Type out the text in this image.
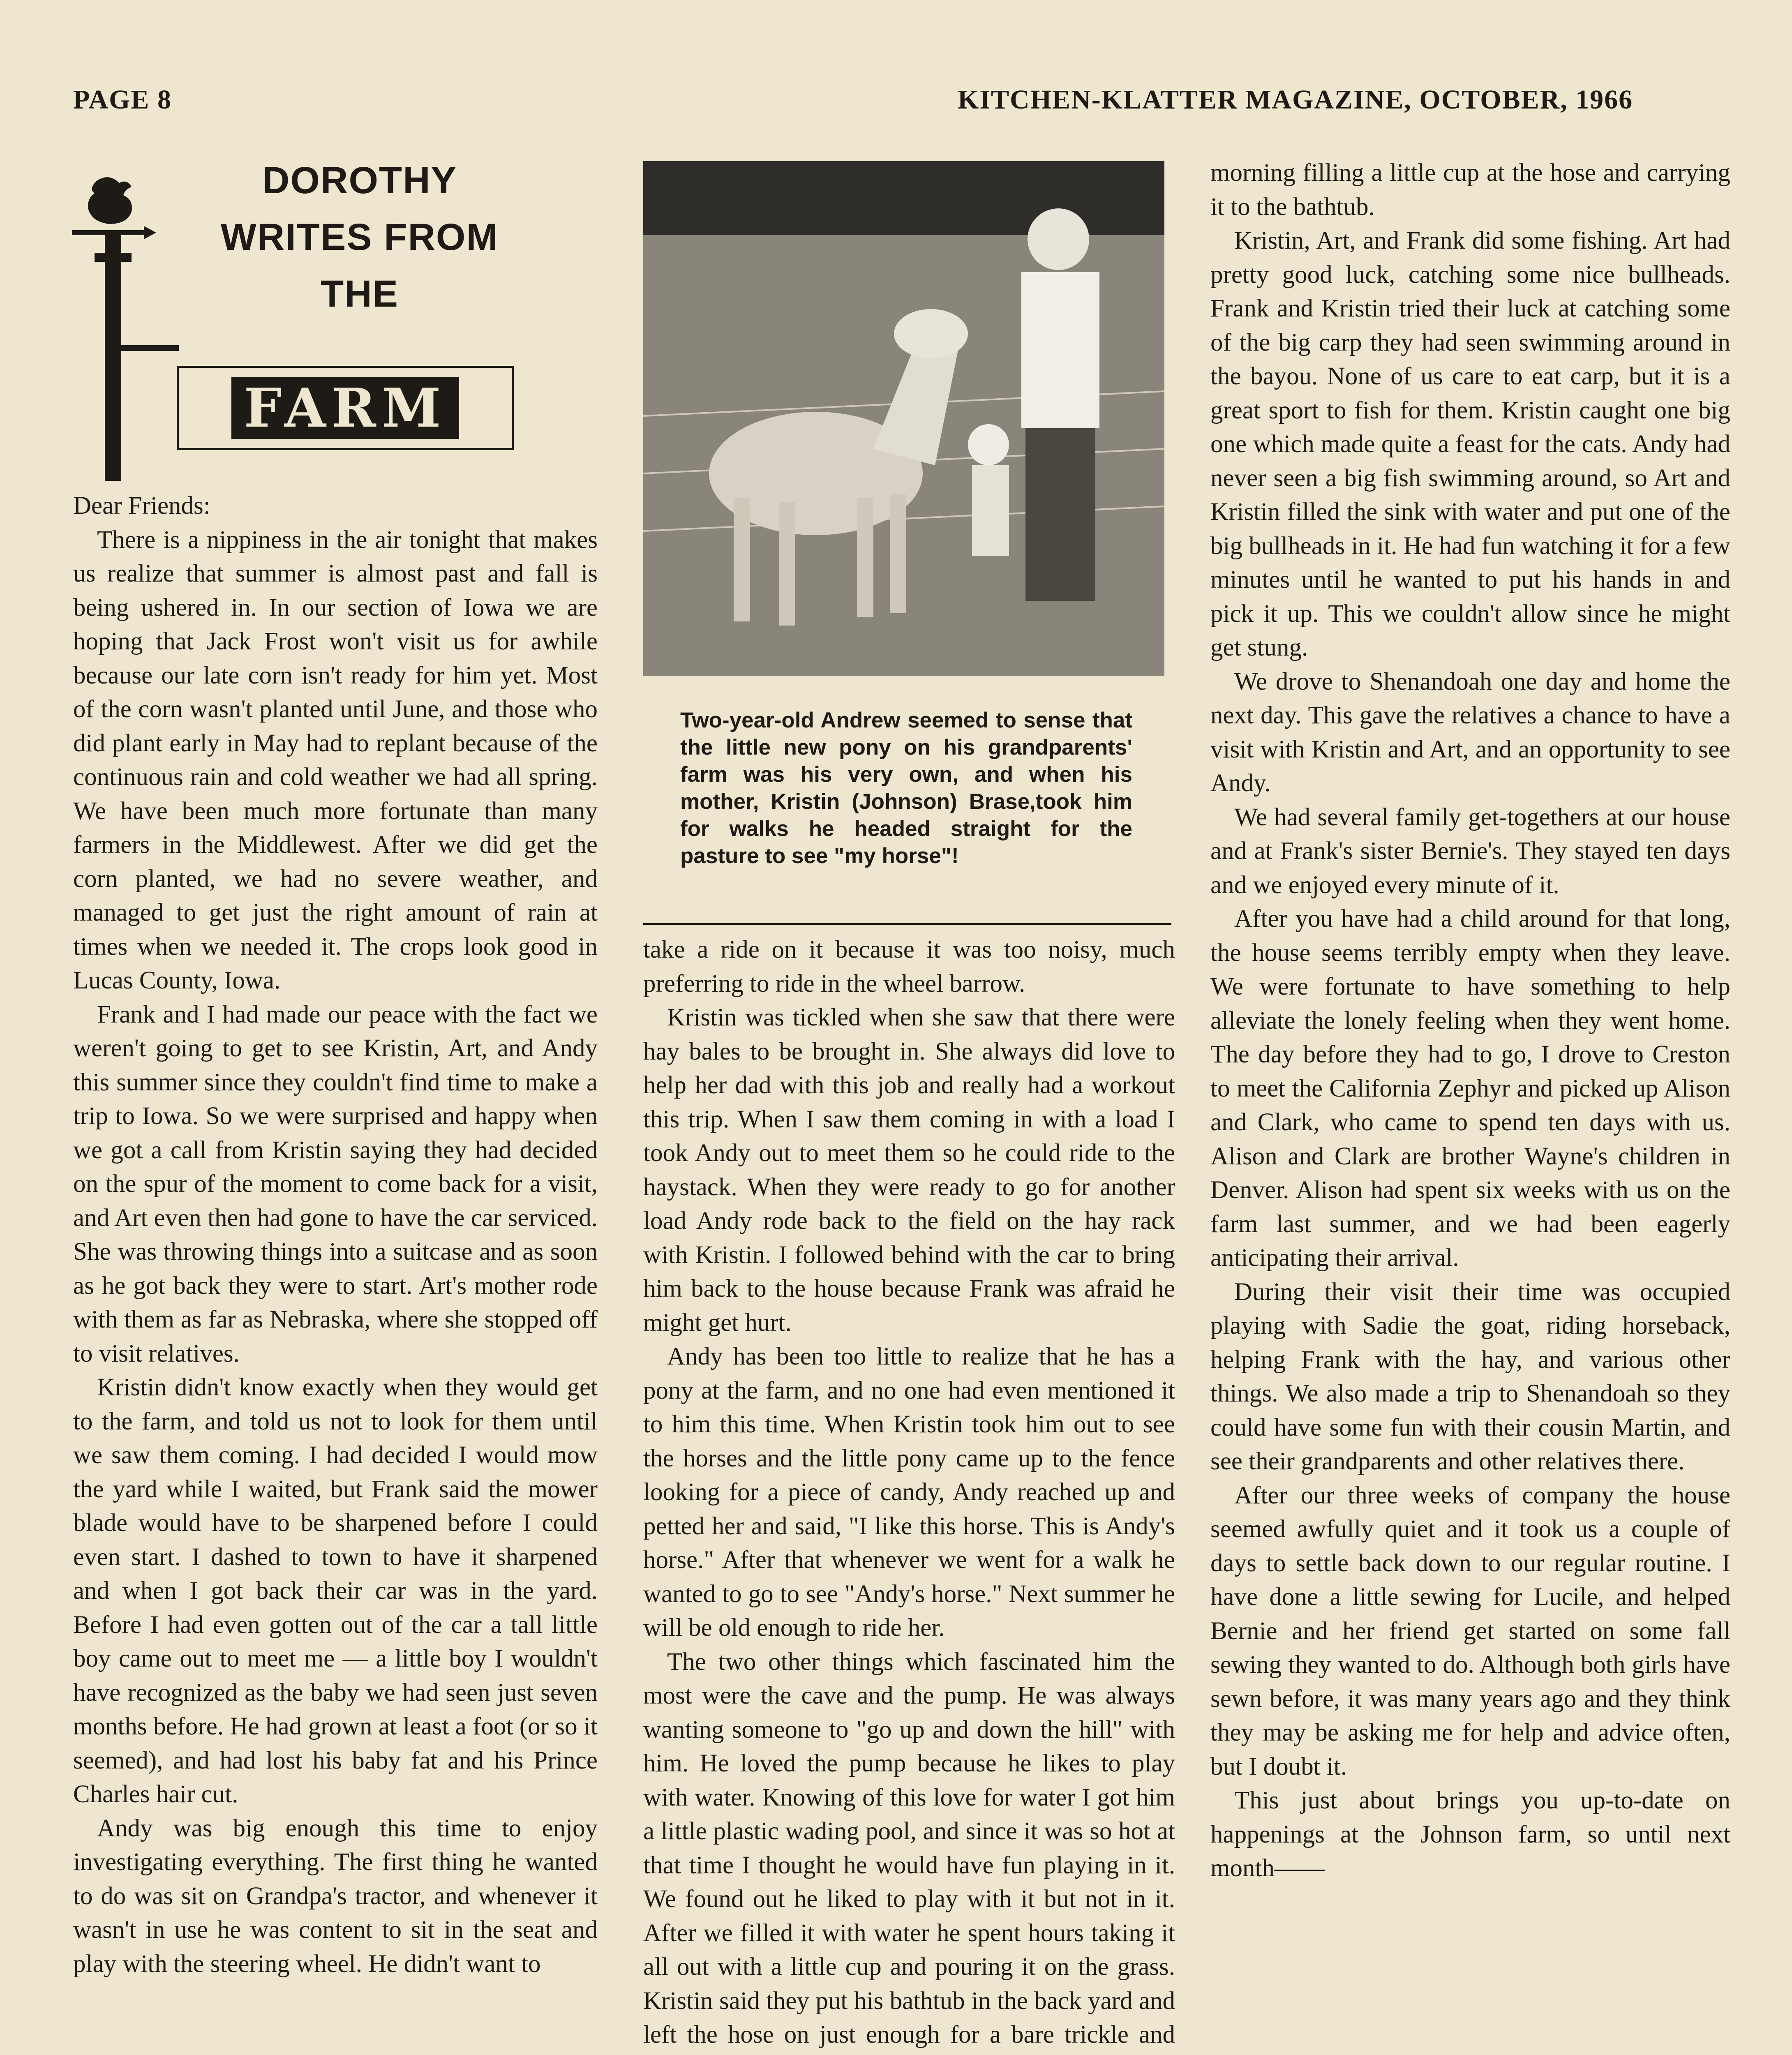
PAGE 8	KITCHEN-KLATTER MAGAZINE, OCTOBER, 1966
DOROTHY
WRITES FROM
THE
FARM
Two-year-old Andrew seemed to sense that the little new pony on his grandparents' farm was his very own, and when his mother, Kristin (Johnson) Brase,took him for walks he headed straight for the pasture to see "my horse"!

Dear Friends:

There is a nippiness in the air tonight that makes us realize that summer is almost past and fall is being ushered in. In our section of Iowa we are hoping that Jack Frost won't visit us for awhile because our late corn isn't ready for him yet. Most of the corn wasn't planted until June, and those who did plant early in May had to replant because of the continuous rain and cold weather we had all spring. We have been much more fortunate than many farmers in the Middlewest. After we did get the corn planted, we had no severe weather, and managed to get just the right amount of rain at times when we needed it. The crops look good in Lucas County, Iowa.

Frank and I had made our peace with the fact we weren't going to get to see Kristin, Art, and Andy this summer since they couldn't find time to make a trip to Iowa. So we were surprised and happy when we got a call from Kristin saying they had decided on the spur of the moment to come back for a visit, and Art even then had gone to have the car serviced. She was throwing things into a suitcase and as soon as he got back they were to start. Art's mother rode with them as far as Nebraska, where she stopped off to visit relatives.

Kristin didn't know exactly when they would get to the farm, and told us not to look for them until we saw them coming. I had decided I would mow the yard while I waited, but Frank said the mower blade would have to be sharpened before I could even start. I dashed to town to have it sharpened and when I got back their car was in the yard. Before I had even gotten out of the car a tall little boy came out to meet me — a little boy I wouldn't have recognized as the baby we had seen just seven months before. He had grown at least a foot (or so it seemed), and had lost his baby fat and his Prince Charles hair cut.

Andy was big enough this time to enjoy investigating everything. The first thing he wanted to do was sit on Grandpa's tractor, and whenever it wasn't in use he was content to sit in the seat and play with the steering wheel. He didn't want to

take a ride on it because it was too noisy, much preferring to ride in the wheel barrow.

Kristin was tickled when she saw that there were hay bales to be brought in. She always did love to help her dad with this job and really had a workout this trip. When I saw them coming in with a load I took Andy out to meet them so he could ride to the haystack. When they were ready to go for another load Andy rode back to the field on the hay rack with Kristin. I followed behind with the car to bring him back to the house because Frank was afraid he might get hurt.

Andy has been too little to realize that he has a pony at the farm, and no one had even mentioned it to him this time. When Kristin took him out to see the horses and the little pony came up to the fence looking for a piece of candy, Andy reached up and petted her and said, "I like this horse. This is Andy's horse." After that whenever we went for a walk he wanted to go to see "Andy's horse." Next summer he will be old enough to ride her.

The two other things which fascinated him the most were the cave and the pump. He was always wanting someone to "go up and down the hill" with him. He loved the pump because he likes to play with water. Knowing of this love for water I got him a little plastic wading pool, and since it was so hot at that time I thought he would have fun playing in it. We found out he liked to play with it but not in it. After we filled it with water he spent hours taking it all out with a little cup and pouring it on the grass. Kristin said they put his bathtub in the back yard and left the hose on just enough for a bare trickle and

morning filling a little cup at the hose and carrying it to the bathtub.

Kristin, Art, and Frank did some fishing. Art had pretty good luck, catching some nice bullheads. Frank and Kristin tried their luck at catching some of the big carp they had seen swimming around in the bayou. None of us care to eat carp, but it is a great sport to fish for them. Kristin caught one big one which made quite a feast for the cats. Andy had never seen a big fish swimming around, so Art and Kristin filled the sink with water and put one of the big bullheads in it. He had fun watching it for a few minutes until he wanted to put his hands in and pick it up. This we couldn't allow since he might get stung.

We drove to Shenandoah one day and home the next day. This gave the relatives a chance to have a visit with Kristin and Art, and an opportunity to see Andy.

We had several family get-togethers at our house and at Frank's sister Bernie's. They stayed ten days and we enjoyed every minute of it.

After you have had a child around for that long, the house seems terribly empty when they leave. We were fortunate to have something to help alleviate the lonely feeling when they went home. The day before they had to go, I drove to Creston to meet the California Zephyr and picked up Alison and Clark, who came to spend ten days with us. Alison and Clark are brother Wayne's children in Denver. Alison had spent six weeks with us on the farm last summer, and we had been eagerly anticipating their arrival.

During their visit their time was occupied playing with Sadie the goat, riding horseback, helping Frank with the hay, and various other things. We also made a trip to Shenandoah so they could have some fun with their cousin Martin, and see their grandparents and other relatives there.

After our three weeks of company the house seemed awfully quiet and it took us a couple of days to settle back down to our regular routine. I have done a little sewing for Lucile, and helped Bernie and her friend get started on some fall sewing they wanted to do. Although both girls have sewn before, it was many years ago and they think they may be asking me for help and advice often, but I doubt it.

This just about brings you up-to-date on happenings at the Johnson farm, so until next month——
